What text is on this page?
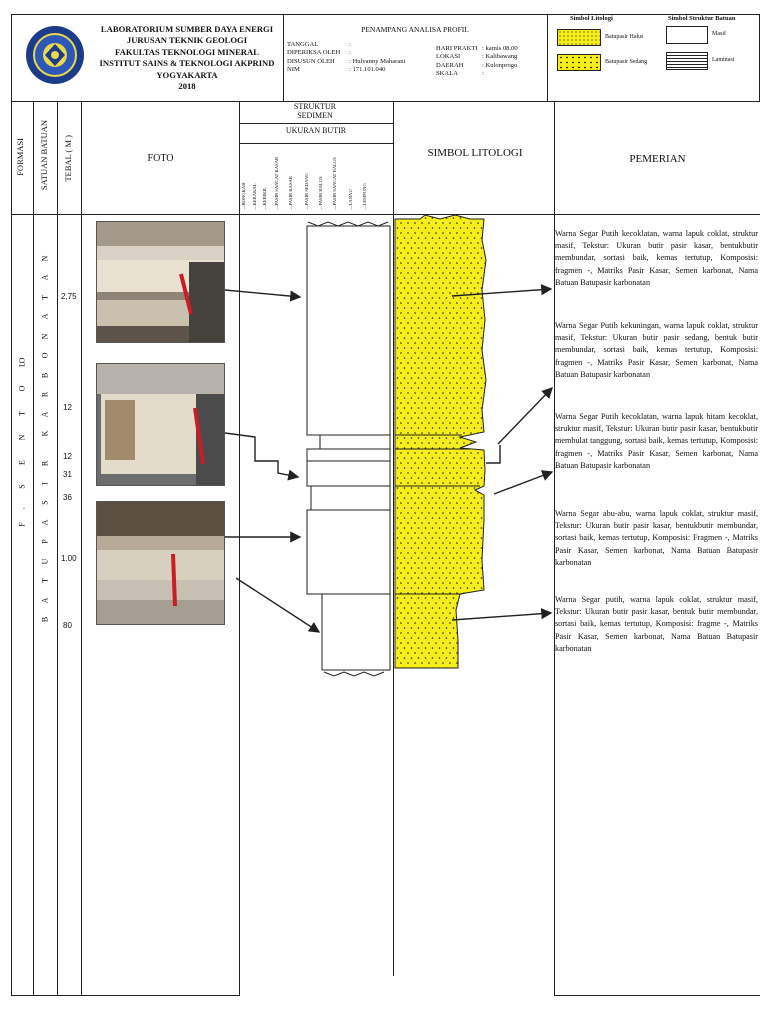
LABORATORIUM SUMBER DAYA ENERGI
JURUSAN TEKNIK GEOLOGI
FAKULTAS TEKNOLOGI MINERAL
INSTITUT SAINS & TEKNOLOGI AKPRIND
YOGYAKARTA
2018
PENAMPANG ANALISA PROFIL
TANGGAL	:
DIPERIKSA OLEH	:
DISUSUN OLEH	: Hulvanny Maharani
NIM	: 171.101.040
HARI PRAKTI : kamis 08.00
LOKASI	: Kalibawang
DAERAH	: Kulonprogo
SKALA	:
Simbol Litologi	Simbol Struktur Batuan
Batupasir Halus
Batupasir Sedang
Masif
Laminasi
FORMASI SATUAN BATUAN TEBAL ( M )	FOTO
STRUKTUR SEDIMEN
UKURAN BUTIR
—BONGKAH —KERAKAL —KERIKIL —PASIR SANGAT KASAR —PASIR KASAR —PASIR SEDANG —PASIR HALUS —PASIR SANGAT HALUS —LANAU —LEMPUNG
SIMBOL LITOLOGI	PEMERIAN
F
.
S
E
N
T
O
L
O
B
A
T
U
P
A
S
I
R
K
A
R
B
O
N
A
T
A
N
2,75
12
12
31
36
1.00
80
Warna Segar Putih kecoklatan, warna lapuk coklat, struktur masif, Tekstur: Ukuran butir pasir kasar, bentukbutir membundar, sortasi baik, kemas tertutup, Komposisi: fragmen -, Matriks Pasir Kasar, Semen karbonat, Nama Batuan Batupasir karbonatan
Warna Segar Putih kekuningan, warna lapuk coklat, struktur masif, Tekstur: Ukuran butir pasir sedang, bentuk butir membundar, sortasi baik, kemas tertutup, Komposisi: fragmen -, Matriks Pasir Kasar, Semen karbonat, Nama Batuan Batupasir karbonatan
Warna Segar Putih kecoklatan, warna lapuk hitam kecoklat, struktur masif, Tekstur: Ukuran butir pasir kasar, bentukbutir membulat tanggung, sortasi baik, kemas tertutup, Komposisi: fragmen -, Matriks Pasir Kasar, Semen karbonat, Nama Batuan Batupasir karbonatan
Warna Segar abu-abu, warna lapuk coklat, struktur masif, Tekstur: Ukuran butir pasir kasar, bentukbutir membundar, sortasi baik, kemas tertutup, Komposisi: Fragmen -, Matriks Pasir Kasar, Semen karbonat, Nama Batuan Batupasir karbonatan
Warna Segar putih, warna lapuk coklat, struktur masif, Tekstur: Ukuran butir pasir kasar, bentuk butir membundar, sortasi baik, kemas tertutup, Komposisi: fragme -, Matriks Pasir Kasar, Semen karbonat, Nama Batuan Batupasir karbonatan
